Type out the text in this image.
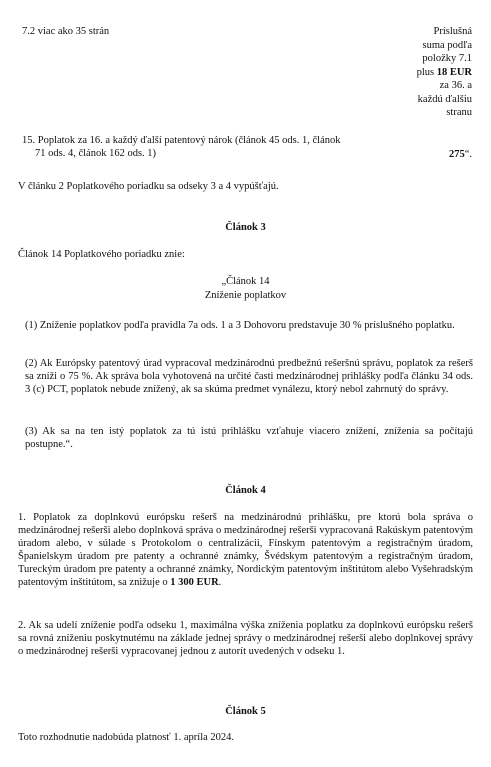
7.2 viac ako 35 strán	Príslušná
suma podľa
položky 7.1
plus 18 EUR
za 36. a
každú ďalšiu
stranu
15. Poplatok za 16. a každý ďalší patentový nárok (článok 45 ods. 1, článok 71 ods. 4, článok 162 ods. 1)	275“.

V článku 2 Poplatkového poriadku sa odseky 3 a 4 vypúšťajú.

Článok 3

Článok 14 Poplatkového poriadku znie:

„Článok 14
Zníženie poplatkov

(1) Zníženie poplatkov podľa pravidla 7a ods. 1 a 3 Dohovoru predstavuje 30 % príslušného poplatku.

(2) Ak Európsky patentový úrad vypracoval medzinárodnú predbežnú rešeršnú správu, poplatok za rešerš sa zníži o 75 %. Ak správa bola vyhotovená na určité časti medzinárodnej prihlášky podľa článku 34 ods. 3 (c) PCT, poplatok nebude znížený, ak sa skúma predmet vynálezu, ktorý nebol zahrnutý do správy.

(3) Ak sa na ten istý poplatok za tú istú prihlášku vzťahuje viacero znížení, zníženia sa počítajú postupne.“.

Článok 4

1. Poplatok za doplnkovú európsku rešerš na medzinárodnú prihlášku, pre ktorú bola správa o medzinárodnej rešerši alebo doplnková správa o medzinárodnej rešerši vypracovaná Rakúskym patentovým úradom alebo, v súlade s Protokolom o centralizácii, Fínskym patentovým a registračným úradom, Španielskym úradom pre patenty a ochranné známky, Švédskym patentovým a registračným úradom, Tureckým úradom pre patenty a ochranné známky, Nordickým patentovým inštitútom alebo Vyšehradským patentovým inštitútom, sa znižuje o 1 300 EUR.

2. Ak sa udelí zníženie podľa odseku 1, maximálna výška zníženia poplatku za doplnkovú európsku rešerš sa rovná zníženiu poskytnutému na základe jednej správy o medzinárodnej rešerši alebo doplnkovej správy o medzinárodnej rešerši vypracovanej jednou z autorít uvedených v odseku 1.

Článok 5

Toto rozhodnutie nadobúda platnosť 1. apríla 2024.
